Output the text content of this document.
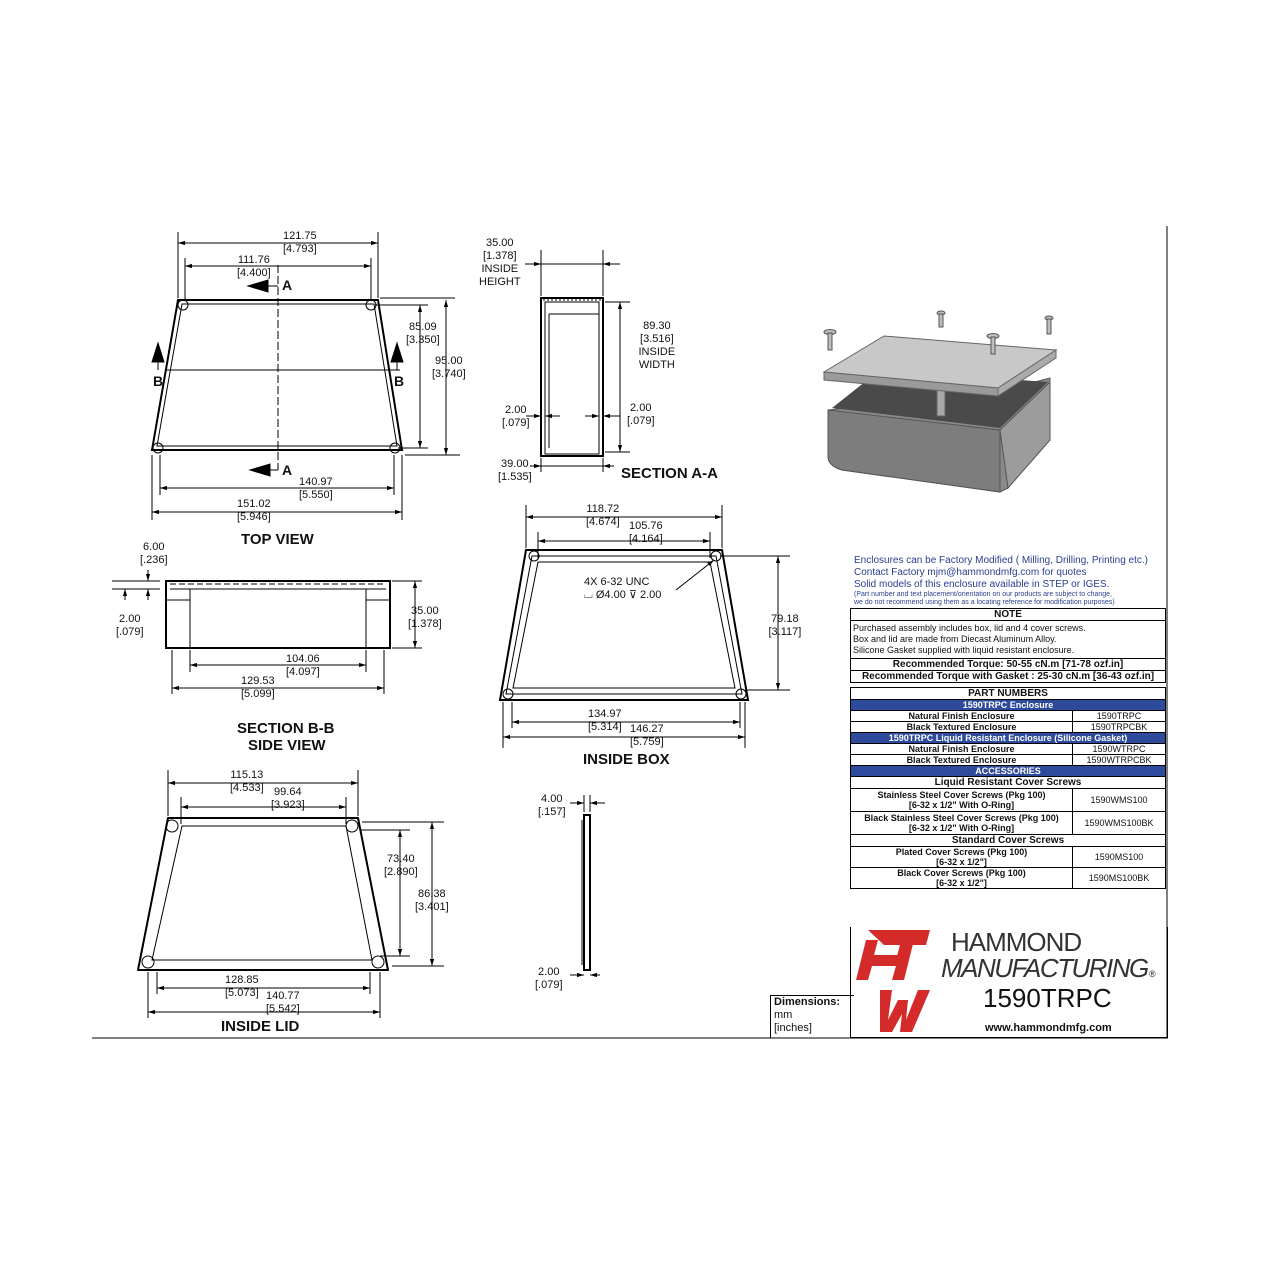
TOP VIEW
SECTION A-A
SECTION B-B
SIDE VIEW
INSIDE BOX
INSIDE LID
A
A
B	B
121.75
[4.793]
111.76
[4.400]
85.09
[3.350]
95.00
[3.740]
140.97
[5.550]
151.02
[5.946]
35.00
[1.378]
INSIDE
HEIGHT
89.30
[3.516]
INSIDE
WIDTH
2.00
[.079]
2.00
[.079]
39.00
[1.535]
6.00
[.236]
2.00
[.079]
35.00
[1.378]
104.06
[4.097]
129.53
[5.099]
118.72
[4.674] 105.76
[4.164]
4X 6-32 UNC
⌴ Ø4.00 ⊽ 2.00
79.18
[3.117]
134.97
[5.314] 146.27
[5.759]
115.13
[4.533] 99.64
[3.923]
73.40
[2.890]
86.38
[3.401]
128.85
[5.073] 140.77
[5.542]
4.00
[.157]
2.00
[.079]
Enclosures can be Factory Modified ( Milling, Drilling, Printing etc.)
Contact Factory mjm@hammondmfg.com for quotes
Solid models of this enclosure available in STEP or IGES.
(Part number and text placement/orientation on our products are subject to change,
we do not recommend using them as a locating reference for modification purposes)
NOTE

Purchased assembly includes box, lid and 4 cover screws.
Box and lid are made from Diecast Aluminum Alloy.
Silicone Gasket supplied with liquid resistant enclosure.

Recommended Torque: 50-55 cN.m [71-78 ozf.in]
Recommended Torque with Gasket : 25-30 cN.m [36-43 ozf.in]
PART NUMBERS	
1590TRPC Enclosure	
Natural Finish Enclosure	1590TRPC
Black Textured Enclosure	1590TRPCBK
1590TRPC Liquid Resistant Enclosure (Silicone Gasket)	
Natural Finish Enclosure	1590WTRPC
Black Textured Enclosure	1590WTRPCBK
ACCESSORIES	
Liquid Resistant Cover Screws	

Stainless Steel Cover Screws (Pkg 100)
[6-32 x 1/2" With O-Ring]	1590WMS100

Black Stainless Steel Cover Screws (Pkg 100)
[6-32 x 1/2" With O-Ring]	1590WMS100BK
Standard Cover Screws	

Plated Cover Screws (Pkg 100)
[6-32 x 1/2"]	1590MS100

Black Cover Screws (Pkg 100)
[6-32 x 1/2"]	1590MS100BK
HAMMOND
MANUFACTURING ®
1590TRPC
www.hammondmfg.com
Dimensions:
mm
[inches]
